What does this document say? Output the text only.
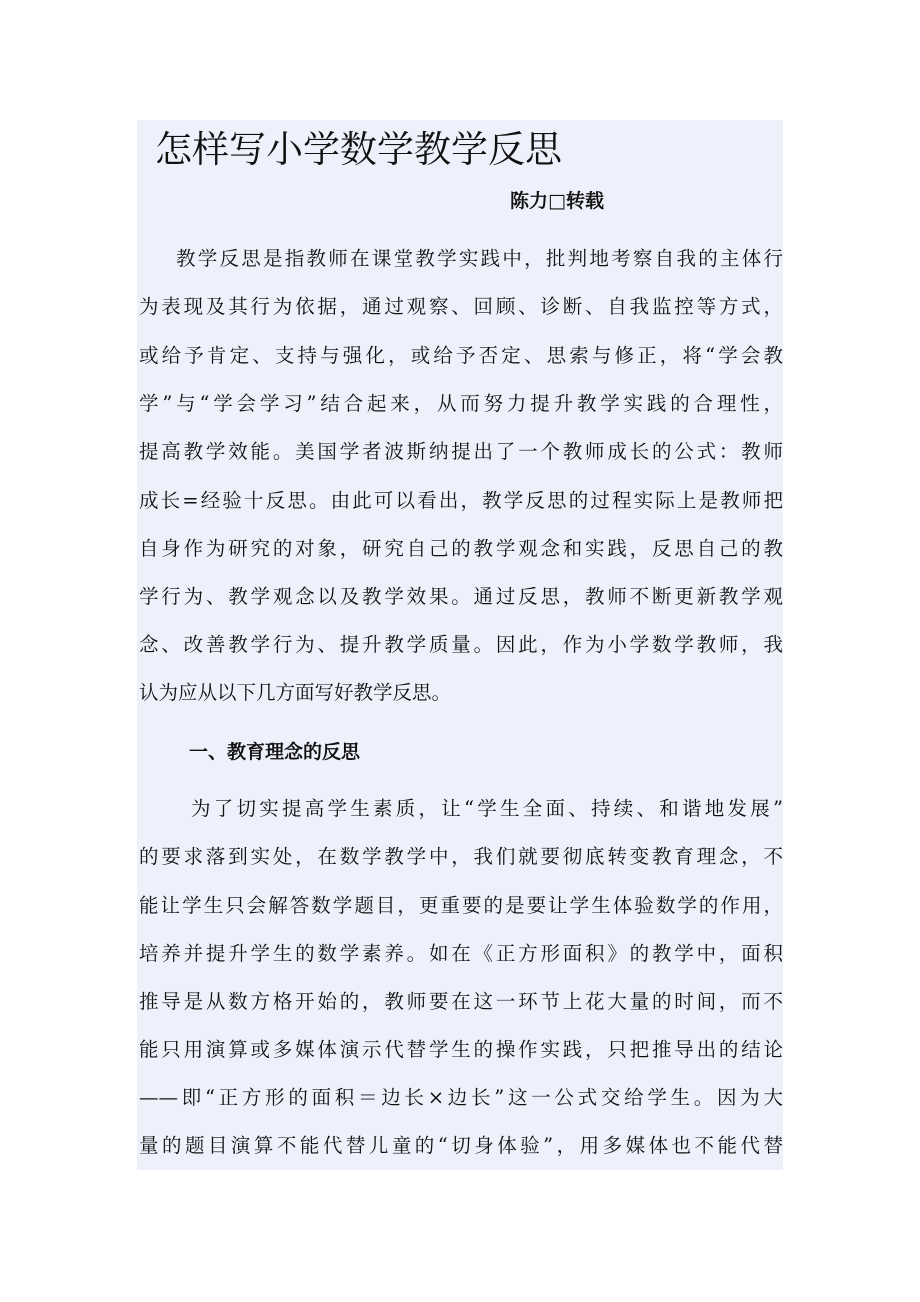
怎样写小学数学教学反思
陈力□转载
教学反思是指教师在课堂教学实践中，批判地考察自我的主体行
为表现及其行为依据，通过观察、回顾、诊断、自我监控等方式，
或给予肯定、支持与强化，或给予否定、思索与修正，将“学会教
学”与“学会学习”结合起来，从而努力提升教学实践的合理性，
提高教学效能。美国学者波斯纳提出了一个教师成长的公式：教师
成长=经验十反思。由此可以看出，教学反思的过程实际上是教师把
自身作为研究的对象，研究自己的教学观念和实践，反思自己的教
学行为、教学观念以及教学效果。通过反思，教师不断更新教学观
念、改善教学行为、提升教学质量。因此，作为小学数学教师，我
认为应从以下几方面写好教学反思。
一、教育理念的反思
为了切实提高学生素质，让“学生全面、持续、和谐地发展”
的要求落到实处，在数学教学中，我们就要彻底转变教育理念，不
能让学生只会解答数学题目，更重要的是要让学生体验数学的作用，
培养并提升学生的数学素养。如在《正方形面积》的教学中，面积
推导是从数方格开始的，教师要在这一环节上花大量的时间，而不
能只用演算或多媒体演示代替学生的操作实践，只把推导出的结论
——即“正方形的面积＝边长×边长”这一公式交给学生。因为大
量的题目演算不能代替儿童的“切身体验”，用多媒体也不能代替
